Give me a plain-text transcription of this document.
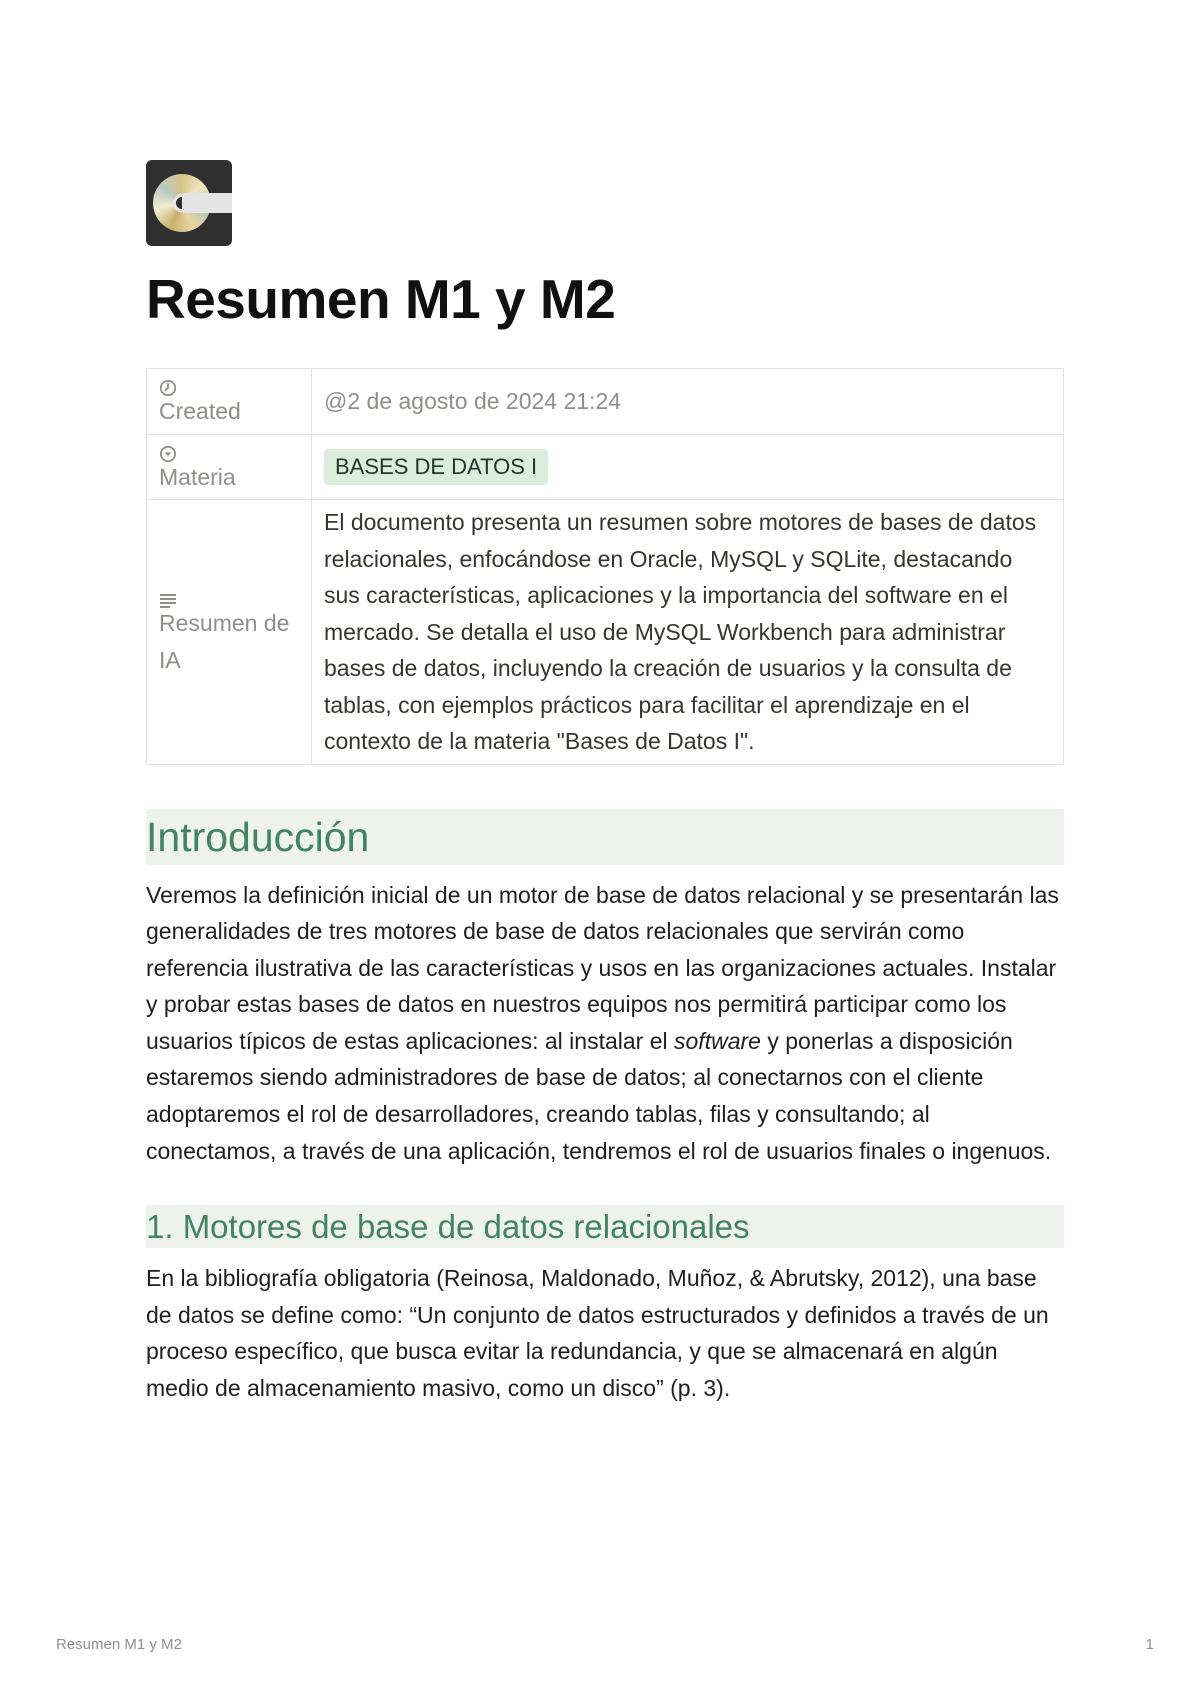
Resumen M1 y M2
Created	@2 de agosto de 2024 21:24

Materia	BASES DE DATOS I

Resumen de IA	El documento presenta un resumen sobre motores de bases de datos relacionales, enfocándose en Oracle, MySQL y SQLite, destacando sus características, aplicaciones y la importancia del software en el mercado. Se detalla el uso de MySQL Workbench para administrar bases de datos, incluyendo la creación de usuarios y la consulta de tablas, con ejemplos prácticos para facilitar el aprendizaje en el contexto de la materia "Bases de Datos I".
Introducción

Veremos la definición inicial de un motor de base de datos relacional y se presentarán las generalidades de tres motores de base de datos relacionales que servirán como referencia ilustrativa de las características y usos en las organizaciones actuales. Instalar y probar estas bases de datos en nuestros equipos nos permitirá participar como los usuarios típicos de estas aplicaciones: al instalar el software y ponerlas a disposición estaremos siendo administradores de base de datos; al conectarnos con el cliente adoptaremos el rol de desarrolladores, creando tablas, filas y consultando; al conectamos, a través de una aplicación, tendremos el rol de usuarios finales o ingenuos.

1. Motores de base de datos relacionales

En la bibliografía obligatoria (Reinosa, Maldonado, Muñoz, & Abrutsky, 2012), una base de datos se define como: “Un conjunto de datos estructurados y definidos a través de un proceso específico, que busca evitar la redundancia, y que se almacenará en algún medio de almacenamiento masivo, como un disco” (p. 3).

Resumen M1 y M2	1
